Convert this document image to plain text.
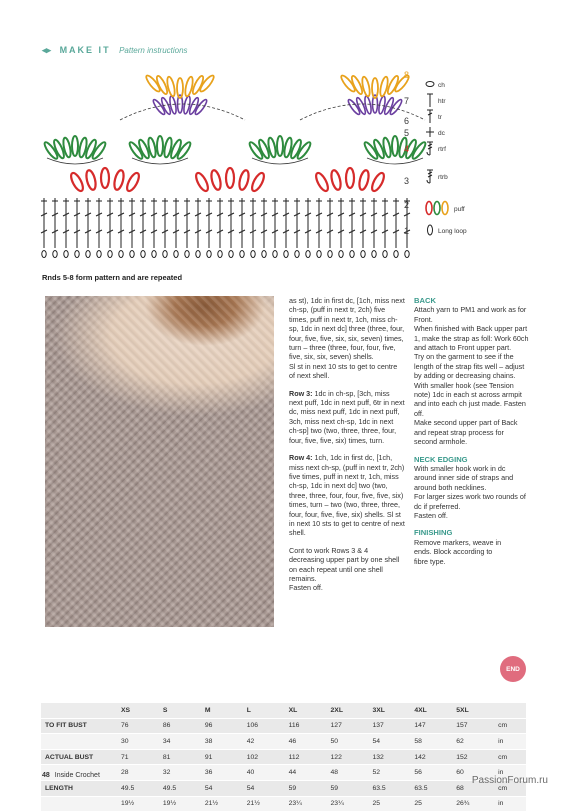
◂▸ MAKE IT Pattern instructions
8
7
6
5
4
3
2
1
Rnds 5-8 form pattern and are repeated
ch
htr
tr
dc
rtrf
rtrb
puff
Long loop

as st), 1dc in first dc, [1ch, miss next ch-sp, (puff in next tr, 2ch) five times, puff in next tr, 1ch, miss ch-sp, 1dc in next dc] three (three, four, four, five, five, six, six, seven) times, turn – three (three, four, four, five, five, six, six, seven) shells.

Sl st in next 10 sts to get to centre of next shell.

Row 3: 1dc in ch-sp, [3ch, miss next puff, 1dc in next puff, 6tr in next dc, miss next puff, 1dc in next puff, 3ch, miss next ch-sp, 1dc in next ch-sp] two (two, three, three, four, four, five, five, six) times, turn.

Row 4: 1ch, 1dc in first dc, [1ch, miss next ch-sp, (puff in next tr, 2ch) five times, puff in next tr, 1ch, miss ch-sp, 1dc in next dc] two (two, three, three, four, four, five, five, six) times, turn – two (two, three, three, four, four, five, five, six) shells. Sl st in next 10 sts to get to centre of next shell.

Cont to work Rows 3 & 4 decreasing upper part by one shell on each repeat until one shell remains.

Fasten off.

BACK

Attach yarn to PM1 and work as for Front.

When finished with Back upper part 1, make the strap as foll: Work 60ch and attach to Front upper part.

Try on the garment to see if the length of the strap fits well – adjust by adding or decreasing chains.

With smaller hook (see Tension note) 1dc in each st across armpit and into each ch just made. Fasten off.

Make second upper part of Back and repeat strap process for second armhole.

NECK EDGING

With smaller hook work in dc around inner side of straps and around both necklines.

For larger sizes work two rounds of dc if preferred.

Fasten off.

FINISHING

Remove markers, weave in ends. Block according to fibre type.

END
	XS	S	M	L	XL	2XL	3XL	4XL	5XL	
TO FIT BUST	76	86	96	106	116	127	137	147	157	cm
	30	34	38	42	46	50	54	58	62	in
ACTUAL BUST	71	81	91	102	112	122	132	142	152	cm
	28	32	36	40	44	48	52	56	60	in
LENGTH	49.5	49.5	54	54	59	59	63.5	63.5	68	cm
	19½	19½	21½	21½	23¼	23¼	25	25	26¾	in
48 Inside Crochet	PassionForum.ru
